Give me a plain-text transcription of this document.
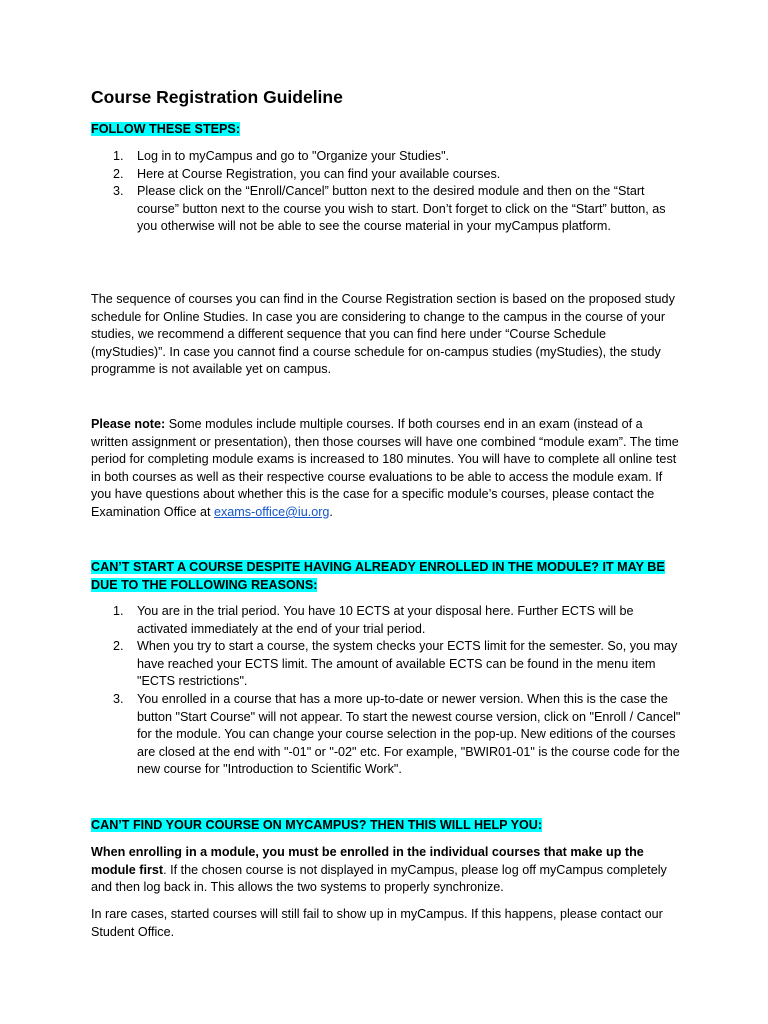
Course Registration Guideline

FOLLOW THESE STEPS:

1. Log in to myCampus and go to "Organize your Studies".
2. Here at Course Registration, you can find your available courses.
3. Please click on the “Enroll/Cancel” button next to the desired module and then on the “Start course” button next to the course you wish to start. Don’t forget to click on the “Start” button, as you otherwise will not be able to see the course material in your myCampus platform.

The sequence of courses you can find in the Course Registration section is based on the proposed study schedule for Online Studies. In case you are considering to change to the campus in the course of your studies, we recommend a different sequence that you can find here under “Course Schedule (myStudies)”. In case you cannot find a course schedule for on-campus studies (myStudies), the study programme is not available yet on campus.

Please note: Some modules include multiple courses. If both courses end in an exam (instead of a written assignment or presentation), then those courses will have one combined “module exam”. The time period for completing module exams is increased to 180 minutes. You will have to complete all online test in both courses as well as their respective course evaluations to be able to access the module exam. If you have questions about whether this is the case for a specific module’s courses, please contact the Examination Office at exams-office@iu.org.

CAN’T START A COURSE DESPITE HAVING ALREADY ENROLLED IN THE MODULE? IT MAY BE DUE TO THE FOLLOWING REASONS:

1. You are in the trial period. You have 10 ECTS at your disposal here. Further ECTS will be activated immediately at the end of your trial period.
2. When you try to start a course, the system checks your ECTS limit for the semester. So, you may have reached your ECTS limit. The amount of available ECTS can be found in the menu item "ECTS restrictions".
3. You enrolled in a course that has a more up-to-date or newer version. When this is the case the button "Start Course" will not appear. To start the newest course version, click on "Enroll / Cancel" for the module. You can change your course selection in the pop-up. New editions of the courses are closed at the end with "-01" or "-02" etc. For example, "BWIR01-01" is the course code for the new course for "Introduction to Scientific Work".

CAN’T FIND YOUR COURSE ON MYCAMPUS? THEN THIS WILL HELP YOU:

When enrolling in a module, you must be enrolled in the individual courses that make up the module first. If the chosen course is not displayed in myCampus, please log off myCampus completely and then log back in. This allows the two systems to properly synchronize.

In rare cases, started courses will still fail to show up in myCampus. If this happens, please contact our Student Office.
